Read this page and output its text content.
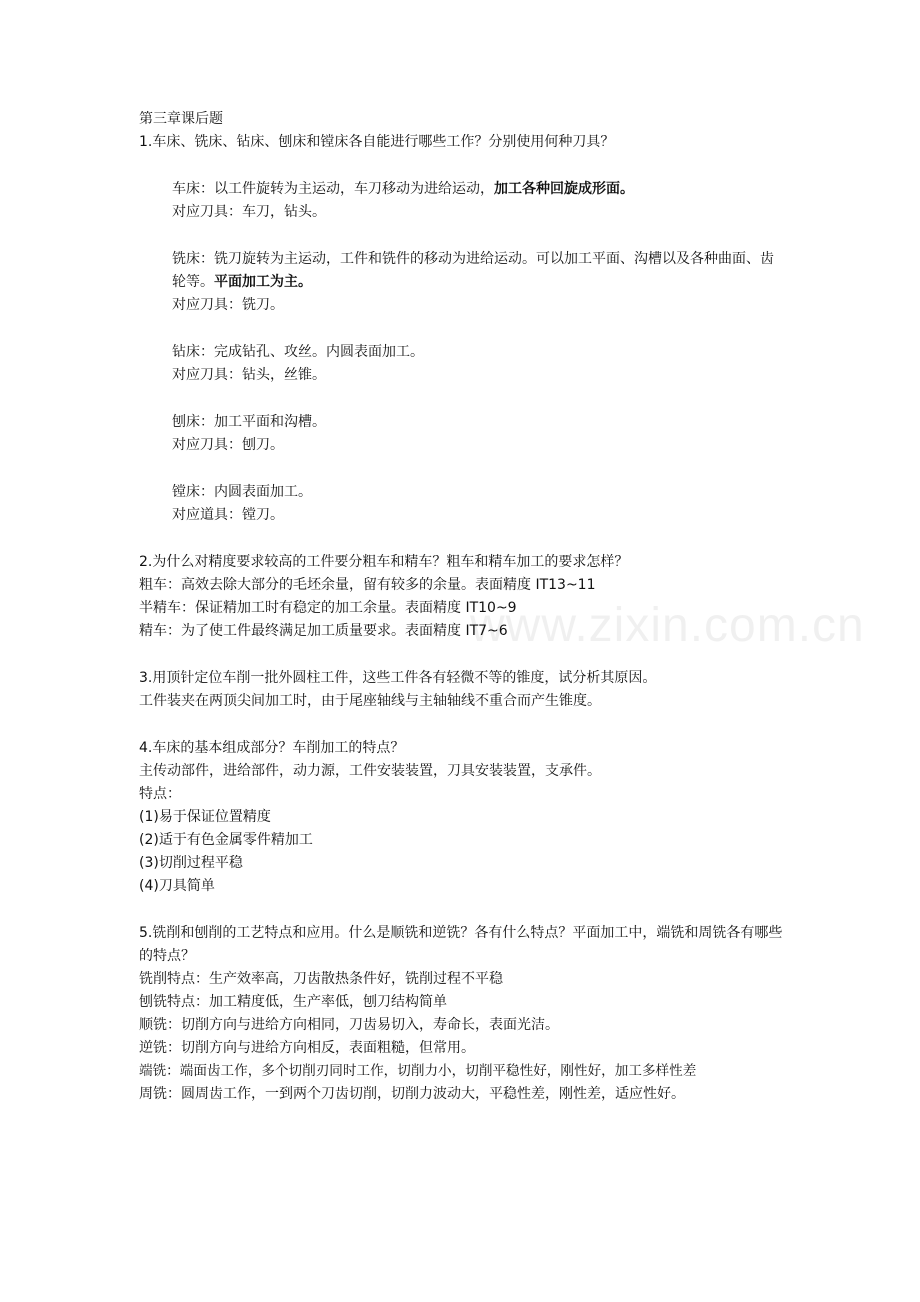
www.zixin.com.cn
第三章课后题
1.车床、铣床、钻床、刨床和镗床各自能进行哪些工作？分别使用何种刀具？
车床：以工件旋转为主运动，车刀移动为进给运动，加工各种回旋成形面。
对应刀具：车刀，钻头。
铣床：铣刀旋转为主运动，工件和铣件的移动为进给运动。可以加工平面、沟槽以及各种曲面、齿轮等。平面加工为主。
对应刀具：铣刀。
钻床：完成钻孔、攻丝。内圆表面加工。
对应刀具：钻头，丝锥。
刨床：加工平面和沟槽。
对应刀具：刨刀。
镗床：内圆表面加工。
对应道具：镗刀。
2.为什么对精度要求较高的工件要分粗车和精车？粗车和精车加工的要求怎样？
粗车：高效去除大部分的毛坯余量，留有较多的余量。表面精度 IT13~11
半精车：保证精加工时有稳定的加工余量。表面精度 IT10~9
精车：为了使工件最终满足加工质量要求。表面精度 IT7~6
3.用顶针定位车削一批外圆柱工件，这些工件各有轻微不等的锥度，试分析其原因。
工件装夹在两顶尖间加工时，由于尾座轴线与主轴轴线不重合而产生锥度。
4.车床的基本组成部分？车削加工的特点？
主传动部件，进给部件，动力源，工件安装装置，刀具安装装置，支承件。
特点：
(1)易于保证位置精度
(2)适于有色金属零件精加工
(3)切削过程平稳
(4)刀具简单
5.铣削和刨削的工艺特点和应用。什么是顺铣和逆铣？各有什么特点？平面加工中，端铣和周铣各有哪些的特点？
铣削特点：生产效率高，刀齿散热条件好，铣削过程不平稳
刨铣特点：加工精度低，生产率低，刨刀结构简单
顺铣：切削方向与进给方向相同，刀齿易切入，寿命长，表面光洁。
逆铣：切削方向与进给方向相反，表面粗糙，但常用。
端铣：端面齿工作，多个切削刃同时工作，切削力小，切削平稳性好，刚性好，加工多样性差
周铣：圆周齿工作，一到两个刀齿切削，切削力波动大，平稳性差，刚性差，适应性好。
